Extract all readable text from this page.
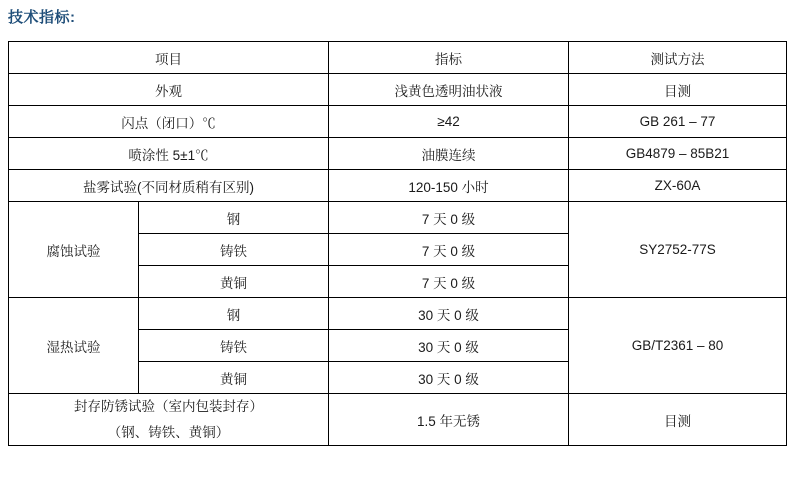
技术指标:
项目		指标	测试方法
外观		浅黄色透明油状液	目测
闪点（闭口）℃		≥42	GB 261 – 77
喷涂性 5±1℃		油膜连续	GB4879 – 85B21
盐雾试验(不同材质稍有区别)		120-150 小时	ZX-60A
腐蚀试验	钢	7 天 0 级	SY2752-77S
	铸铁	7 天 0 级	
	黄铜	7 天 0 级	
湿热试验	钢	30 天 0 级	GB/T2361 – 80
	铸铁	30 天 0 级	
	黄铜	30 天 0 级	

封存防锈试验（室内包装封存）
（钢、铸铁、黄铜）		1.5 年无锈	目测
